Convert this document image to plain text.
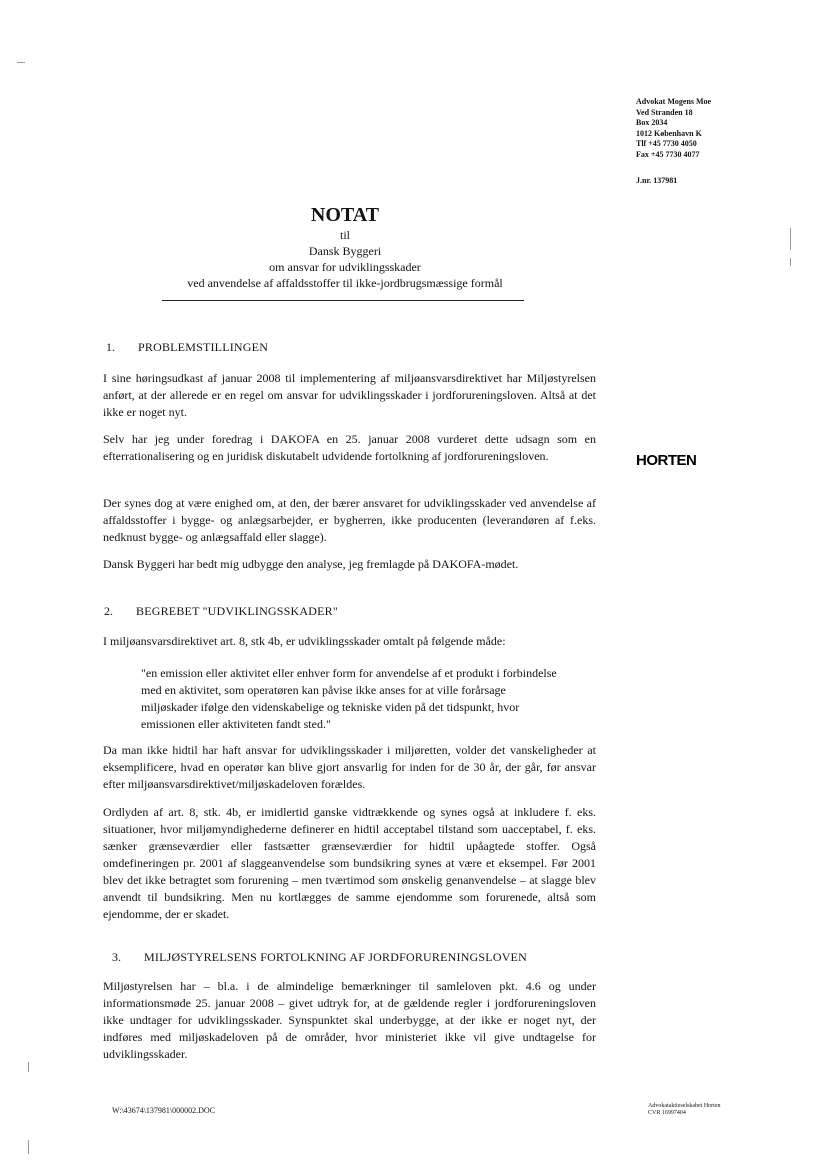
Advokat Mogens Moe
Ved Stranden 18
Box 2034
1012 København K
Tlf +45 7730 4050
Fax +45 7730 4077
J.nr. 137981
HORTEN
NOTAT
til
Dansk Byggeri
om ansvar for udviklingsskader
ved anvendelse af affaldsstoffer til ikke-jordbrugsmæssige formål
1. PROBLEMSTILLINGEN
I sine høringsudkast af januar 2008 til implementering af miljøansvarsdirektivet har Miljøstyrelsen anført, at der allerede er en regel om ansvar for udviklingsskader i jordforureningsloven. Altså at det ikke er noget nyt.
Selv har jeg under foredrag i DAKOFA en 25. januar 2008 vurderet dette udsagn som en efterrationalisering og en juridisk diskutabelt udvidende fortolkning af jordforureningsloven.
Der synes dog at være enighed om, at den, der bærer ansvaret for udviklingsskader ved anvendelse af affaldsstoffer i bygge- og anlægsarbejder, er bygherren, ikke producenten (leverandøren af f.eks. nedknust bygge- og anlægsaffald eller slagge).
Dansk Byggeri har bedt mig udbygge den analyse, jeg fremlagde på DAKOFA-mødet.
2. BEGREBET "UDVIKLINGSSKADER"
I miljøansvarsdirektivet art. 8, stk 4b, er udviklingsskader omtalt på følgende måde:
"en emission eller aktivitet eller enhver form for anvendelse af et produkt i forbindelse med en aktivitet, som operatøren kan påvise ikke anses for at ville forårsage miljøskader ifølge den videnskabelige og tekniske viden på det tidspunkt, hvor emissionen eller aktiviteten fandt sted."
Da man ikke hidtil har haft ansvar for udviklingsskader i miljøretten, volder det vanskeligheder at eksemplificere, hvad en operatør kan blive gjort ansvarlig for inden for de 30 år, der går, før ansvar efter miljøansvarsdirektivet/miljøskadeloven forældes.
Ordlyden af art. 8, stk. 4b, er imidlertid ganske vidtrækkende og synes også at inkludere f. eks. situationer, hvor miljømyndighederne definerer en hidtil acceptabel tilstand som uacceptabel, f. eks. sænker grænseværdier eller fastsætter grænseværdier for hidtil upåagtede stoffer. Også omdefineringen pr. 2001 af slaggeanvendelse som bundsikring synes at være et eksempel. Før 2001 blev det ikke betragtet som forurening – men tværtimod som ønskelig genanvendelse – at slagge blev anvendt til bundsikring. Men nu kortlægges de samme ejendomme som forurenede, altså som ejendomme, der er skadet.
3. MILJØSTYRELSENS FORTOLKNING AF JORDFORURENINGSLOVEN
Miljøstyrelsen har – bl.a. i de almindelige bemærkninger til samleloven pkt. 4.6 og under informationsmøde 25. januar 2008 – givet udtryk for, at de gældende regler i jordforureningsloven ikke undtager for udviklingsskader. Synspunktet skal underbygge, at der ikke er noget nyt, der indføres med miljøskadeloven på de områder, hvor ministeriet ikke vil give undtagelse for udviklingsskader.
W:\43674\137981\000002.DOC	Advokataktieselskabet Horten
CVR 16997404
